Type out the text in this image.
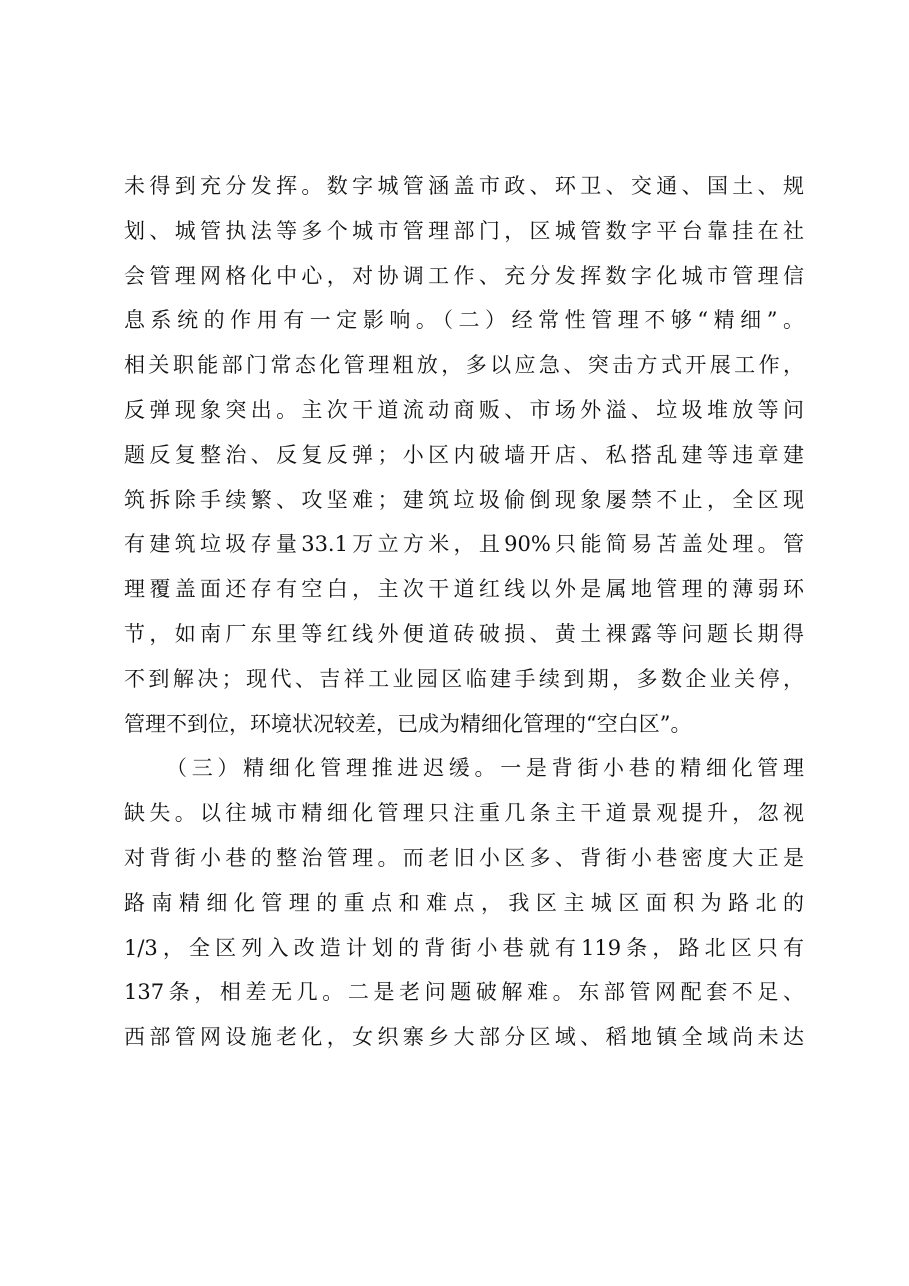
未得到充分发挥。数字城管涵盖市政、环卫、交通、国土、规
划、城管执法等多个城市管理部门，区城管数字平台靠挂在社
会管理网格化中心，对协调工作、充分发挥数字化城市管理信
息系统的作用有一定影响。（二）经常性管理不够“精细”。
相关职能部门常态化管理粗放，多以应急、突击方式开展工作，
反弹现象突出。主次干道流动商贩、市场外溢、垃圾堆放等问
题反复整治、反复反弹；小区内破墙开店、私搭乱建等违章建
筑拆除手续繁、攻坚难；建筑垃圾偷倒现象屡禁不止，全区现
有建筑垃圾存量33.1万立方米，且90%只能简易苫盖处理。管
理覆盖面还存有空白，主次干道红线以外是属地管理的薄弱环
节，如南厂东里等红线外便道砖破损、黄土裸露等问题长期得
不到解决；现代、吉祥工业园区临建手续到期，多数企业关停，
管理不到位，环境状况较差，已成为精细化管理的“空白区”。
（三）精细化管理推进迟缓。一是背街小巷的精细化管理
缺失。以往城市精细化管理只注重几条主干道景观提升，忽视
对背街小巷的整治管理。而老旧小区多、背街小巷密度大正是
路南精细化管理的重点和难点，我区主城区面积为路北的
1/3，全区列入改造计划的背街小巷就有119条，路北区只有
137条，相差无几。二是老问题破解难。东部管网配套不足、
西部管网设施老化，女织寨乡大部分区域、稻地镇全域尚未达
